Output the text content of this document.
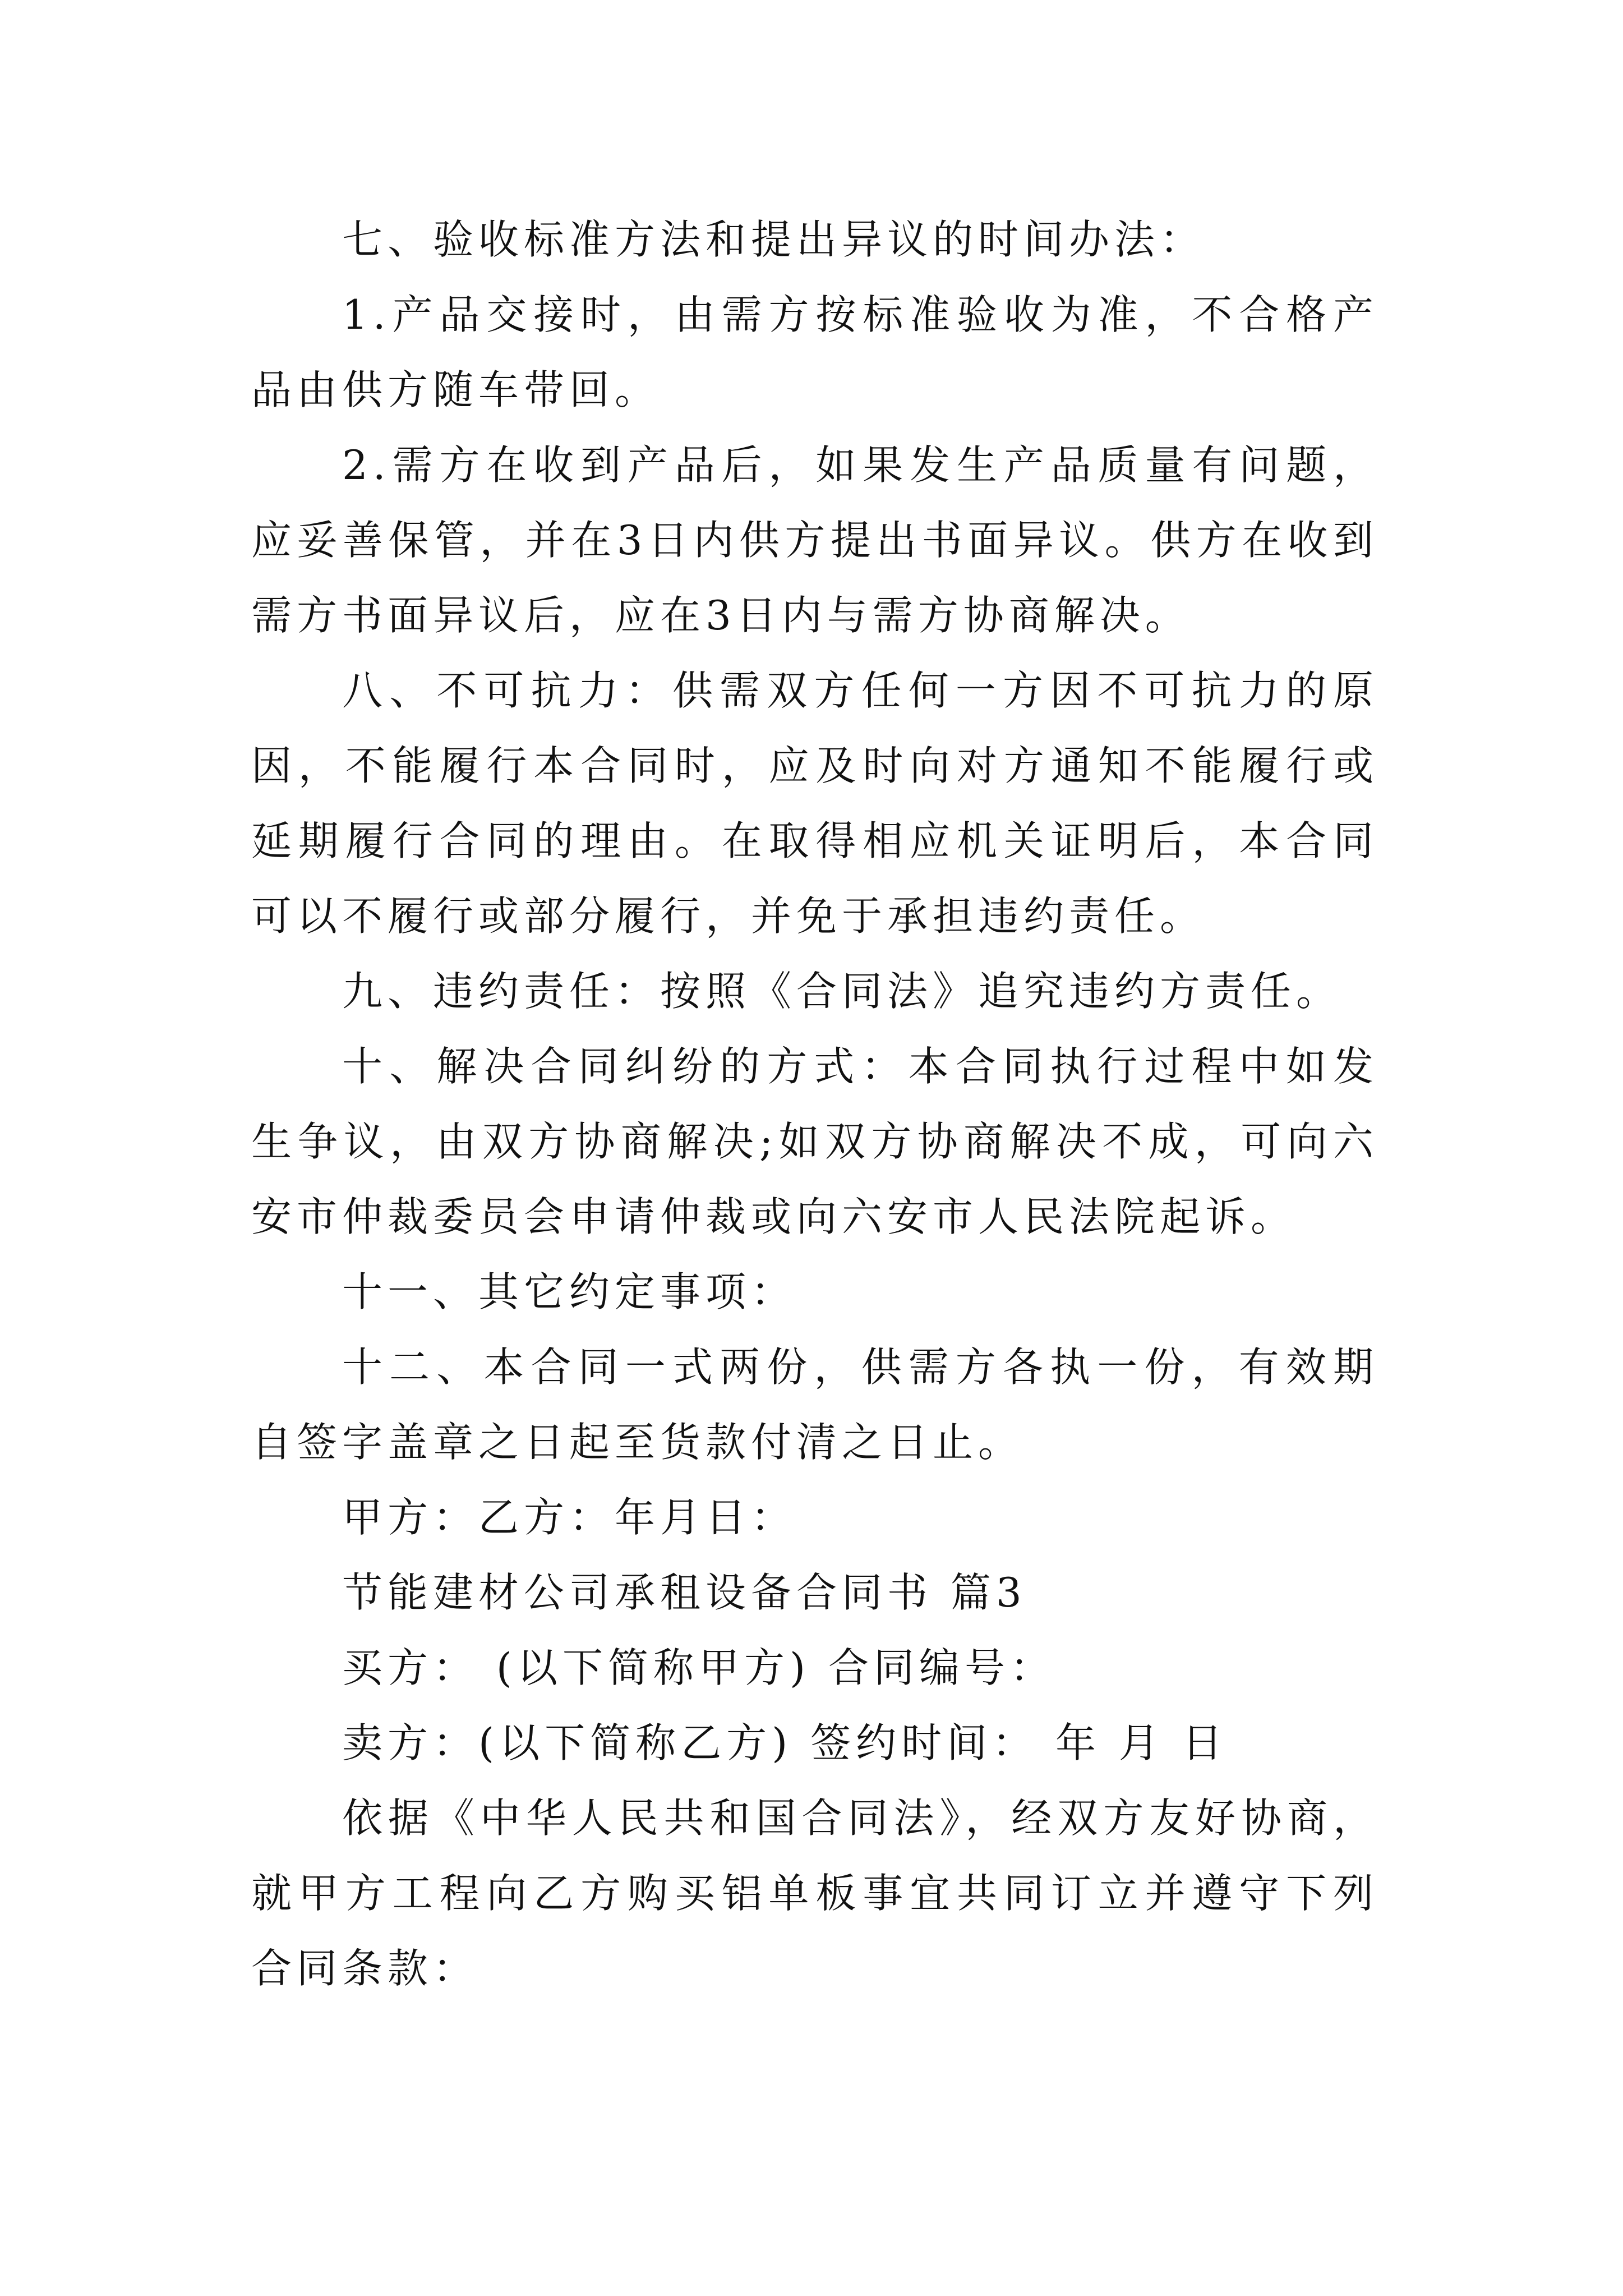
七、验收标准方法和提出异议的时间办法：

1.产品交接时，由需方按标准验收为准，不合格产品由供方随车带回。

2.需方在收到产品后，如果发生产品质量有问题，应妥善保管，并在3日内供方提出书面异议。供方在收到需方书面异议后，应在3日内与需方协商解决。

八、不可抗力：供需双方任何一方因不可抗力的原因，不能履行本合同时，应及时向对方通知不能履行或延期履行合同的理由。在取得相应机关证明后，本合同可以不履行或部分履行，并免于承担违约责任。

九、违约责任：按照《合同法》追究违约方责任。

十、解决合同纠纷的方式：本合同执行过程中如发生争议，由双方协商解决;如双方协商解决不成，可向六安市仲裁委员会申请仲裁或向六安市人民法院起诉。

十一、其它约定事项：

十二、本合同一式两份，供需方各执一份，有效期自签字盖章之日起至货款付清之日止。

甲方：乙方：年月日：

节能建材公司承租设备合同书 篇3

买方： (以下简称甲方) 合同编号：

卖方：(以下简称乙方) 签约时间： 年 月 日

依据《中华人民共和国合同法》，经双方友好协商，就甲方工程向乙方购买铝单板事宜共同订立并遵守下列合同条款：
